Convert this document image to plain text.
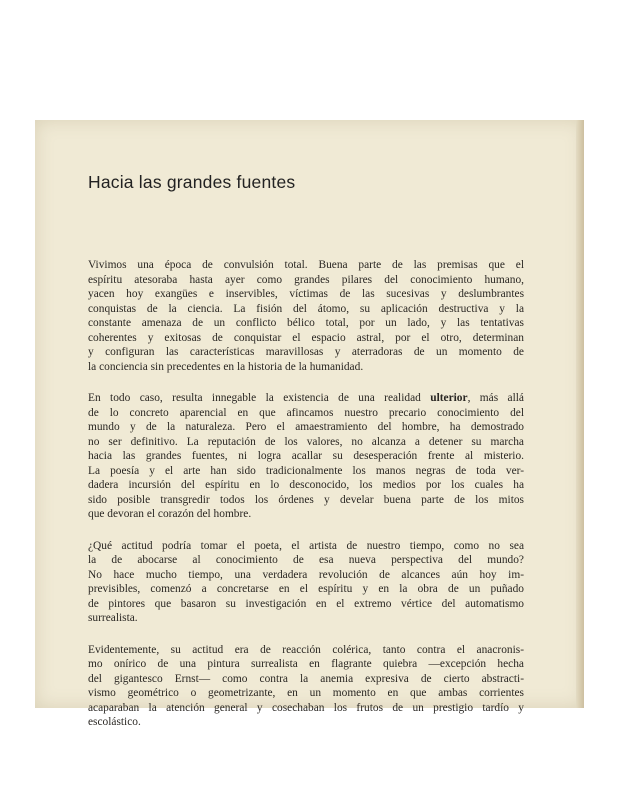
Hacia las grandes fuentes

Vivimos una época de convulsión total. Buena parte de las premisas que el
espíritu atesoraba hasta ayer como grandes pilares del conocimiento humano,
yacen hoy exangües e inservibles, víctimas de las sucesivas y deslumbrantes
conquistas de la ciencia. La fisión del átomo, su aplicación destructiva y la
constante amenaza de un conflicto bélico total, por un lado, y las tentativas
coherentes y exitosas de conquistar el espacio astral, por el otro, determinan
y configuran las características maravillosas y aterradoras de un momento de
la conciencia sin precedentes en la historia de la humanidad.

En todo caso, resulta innegable la existencia de una realidad ulterior, más allá
de lo concreto aparencial en que afincamos nuestro precario conocimiento del
mundo y de la naturaleza. Pero el amaestramiento del hombre, ha demostrado
no ser definitivo. La reputación de los valores, no alcanza a detener su marcha
hacia las grandes fuentes, ni logra acallar su desesperación frente al misterio.
La poesía y el arte han sido tradicionalmente los manos negras de toda ver-
dadera incursión del espíritu en lo desconocido, los medios por los cuales ha
sido posible transgredir todos los órdenes y develar buena parte de los mitos
que devoran el corazón del hombre.

¿Qué actitud podría tomar el poeta, el artista de nuestro tiempo, como no sea
la de abocarse al conocimiento de esa nueva perspectiva del mundo?
No hace mucho tiempo, una verdadera revolución de alcances aún hoy im-
previsibles, comenzó a concretarse en el espíritu y en la obra de un puñado
de pintores que basaron su investigación en el extremo vértice del automatismo
surrealista.

Evidentemente, su actitud era de reacción colérica, tanto contra el anacronis-
mo onírico de una pintura surrealista en flagrante quiebra —excepción hecha
del gigantesco Ernst— como contra la anemia expresiva de cierto abstracti-
vismo geométrico o geometrizante, en un momento en que ambas corrientes
acaparaban la atención general y cosechaban los frutos de un prestigio tardío y
escolástico.
